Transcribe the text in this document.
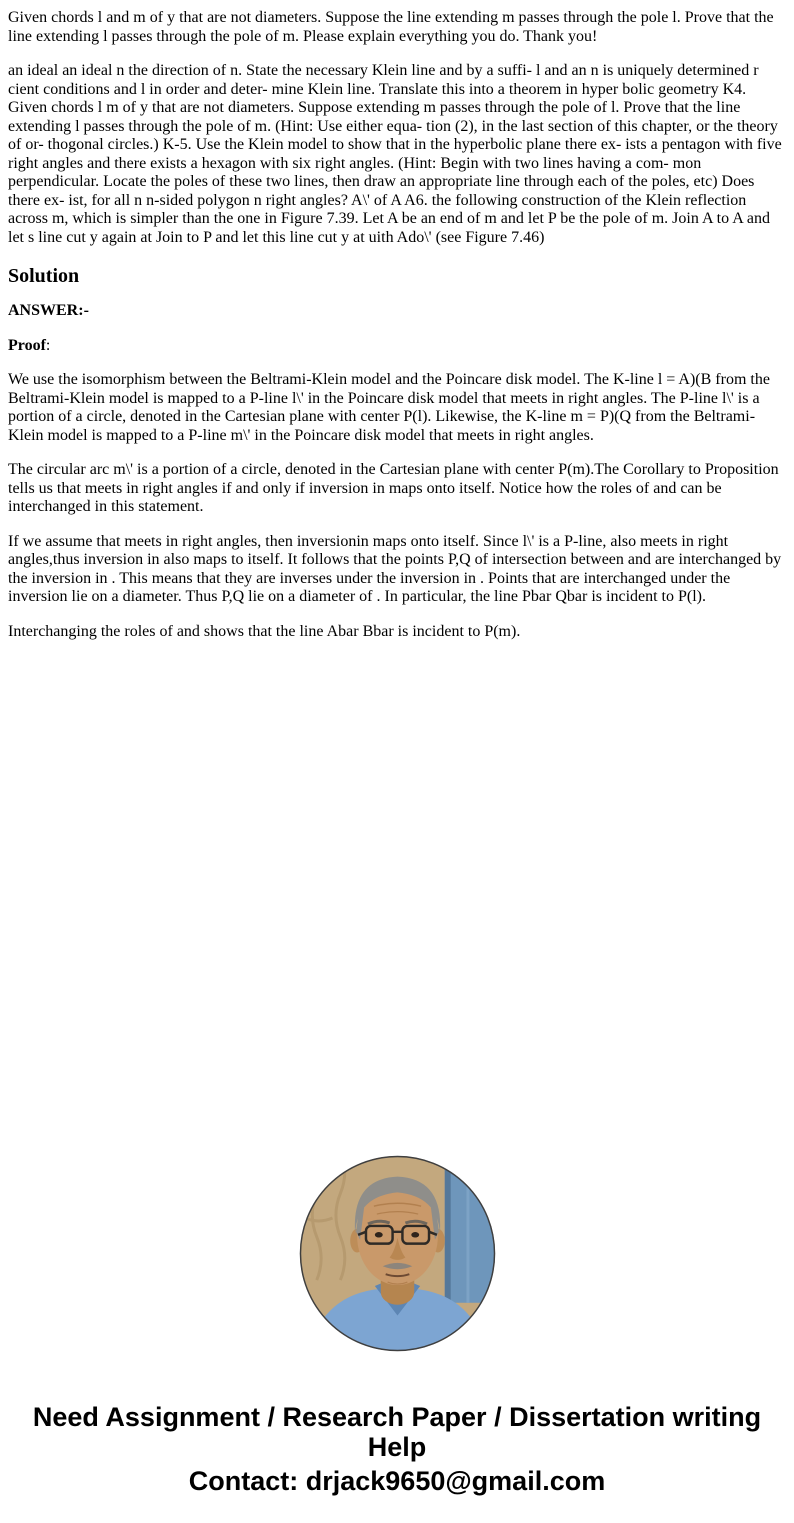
Given chords l and m of y that are not diameters. Suppose the line extending m passes through the pole l. Prove that the line extending l passes through the pole of m. Please explain everything you do. Thank you!

an ideal an ideal n the direction of n. State the necessary Klein line and by a suffi- l and an n is uniquely determined r cient conditions and l in order and deter- mine Klein line. Translate this into a theorem in hyper bolic geometry K4. Given chords l m of y that are not diameters. Suppose extending m passes through the pole of l. Prove that the line extending l passes through the pole of m. (Hint: Use either equa- tion (2), in the last section of this chapter, or the theory of or- thogonal circles.) K-5. Use the Klein model to show that in the hyperbolic plane there ex- ists a pentagon with five right angles and there exists a hexagon with six right angles. (Hint: Begin with two lines having a com- mon perpendicular. Locate the poles of these two lines, then draw an appropriate line through each of the poles, etc) Does there ex- ist, for all n n-sided polygon n right angles? A\' of A A6. the following construction of the Klein reflection across m, which is simpler than the one in Figure 7.39. Let A be an end of m and let P be the pole of m. Join A to A and let s line cut y again at Join to P and let this line cut y at uith Ado\' (see Figure 7.46)

Solution

ANSWER:-

Proof:

We use the isomorphism between the Beltrami-Klein model and the Poincare disk model. The K-line l = A)(B from the Beltrami-Klein model is mapped to a P-line l\' in the Poincare disk model that meets in right angles. The P-line l\' is a portion of a circle, denoted in the Cartesian plane with center P(l). Likewise, the K-line m = P)(Q from the Beltrami-Klein model is mapped to a P-line m\' in the Poincare disk model that meets in right angles.

The circular arc m\' is a portion of a circle, denoted in the Cartesian plane with center P(m).The Corollary to Proposition tells us that meets in right angles if and only if inversion in maps onto itself. Notice how the roles of and can be interchanged in this statement.

If we assume that meets in right angles, then inversionin maps onto itself. Since l\' is a P-line, also meets in right angles,thus inversion in also maps to itself. It follows that the points P,Q of intersection between and are interchanged by the inversion in . This means that they are inverses under the inversion in . Points that are interchanged under the inversion lie on a diameter. Thus P,Q lie on a diameter of . In particular, the line Pbar Qbar is incident to P(l).

Interchanging the roles of and shows that the line Abar Bbar is incident to P(m).

Need Assignment / Research Paper / Dissertation writing Help
Contact: drjack9650@gmail.com
